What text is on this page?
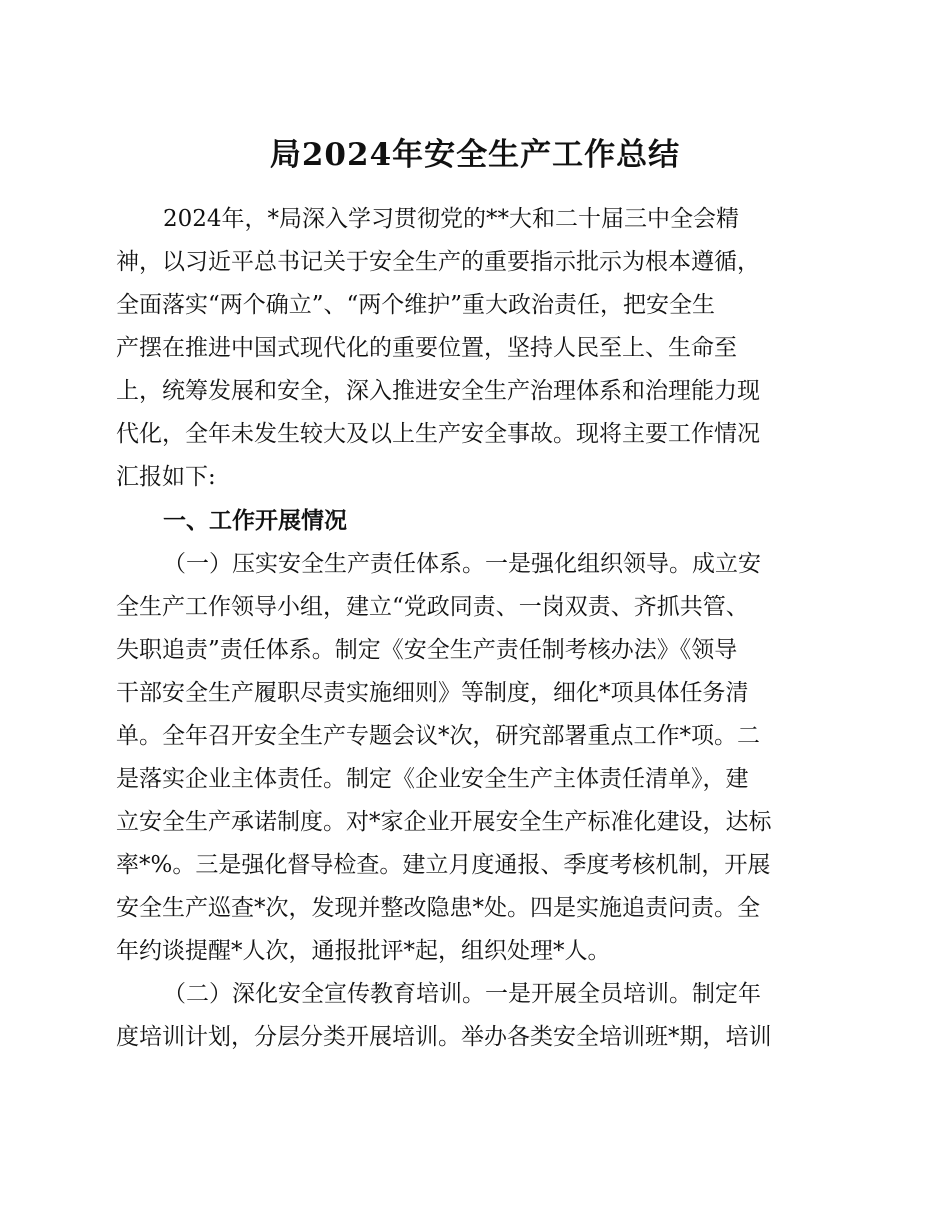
局2024年安全生产工作总结
2024年，*局深入学习贯彻党的**大和二十届三中全会精
神，以习近平总书记关于安全生产的重要指示批示为根本遵循，
全面落实“两个确立”、“两个维护”重大政治责任，把安全生
产摆在推进中国式现代化的重要位置，坚持人民至上、生命至
上，统筹发展和安全，深入推进安全生产治理体系和治理能力现
代化，全年未发生较大及以上生产安全事故。现将主要工作情况
汇报如下:
一、工作开展情况
（一）压实安全生产责任体系。一是强化组织领导。成立安
全生产工作领导小组，建立“党政同责、一岗双责、齐抓共管、
失职追责”责任体系。制定《安全生产责任制考核办法》《领导
干部安全生产履职尽责实施细则》等制度，细化*项具体任务清
单。全年召开安全生产专题会议*次，研究部署重点工作*项。二
是落实企业主体责任。制定《企业安全生产主体责任清单》，建
立安全生产承诺制度。对*家企业开展安全生产标准化建设，达标
率*%。三是强化督导检查。建立月度通报、季度考核机制，开展
安全生产巡查*次，发现并整改隐患*处。四是实施追责问责。全
年约谈提醒*人次，通报批评*起，组织处理*人。
（二）深化安全宣传教育培训。一是开展全员培训。制定年
度培训计划，分层分类开展培训。举办各类安全培训班*期，培训
